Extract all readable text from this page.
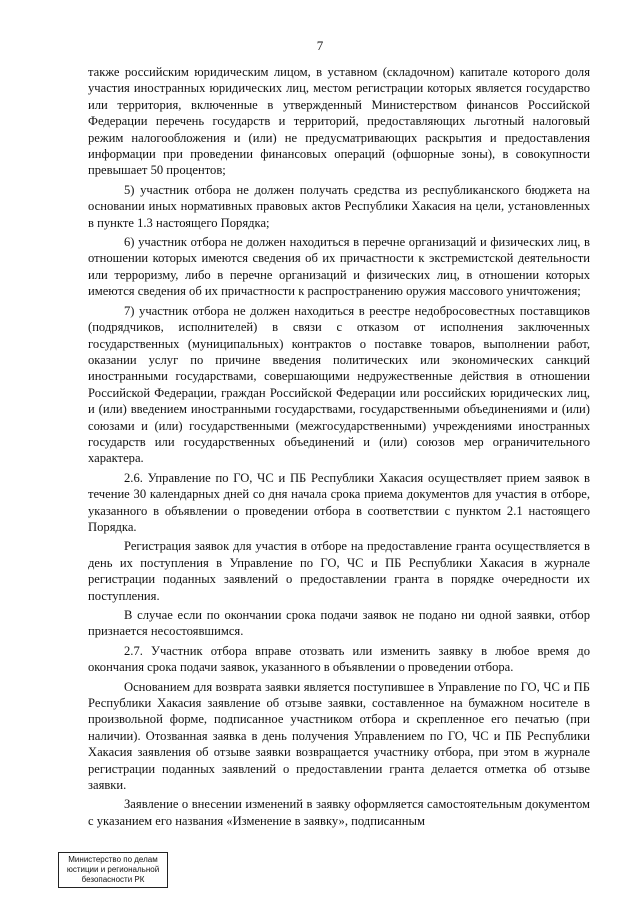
7

также российским юридическим лицом, в уставном (складочном) капитале которого доля участия иностранных юридических лиц, местом регистрации которых является государство или территория, включенные в утвержденный Министерством финансов Российской Федерации перечень государств и территорий, предоставляющих льготный налоговый режим налогообложения и (или) не предусматривающих раскрытия и предоставления информации при проведении финансовых операций (офшорные зоны), в совокупности превышает 50 процентов;

5) участник отбора не должен получать средства из республиканского бюджета на основании иных нормативных правовых актов Республики Хакасия на цели, установленных в пункте 1.3 настоящего Порядка;

6) участник отбора не должен находиться в перечне организаций и физических лиц, в отношении которых имеются сведения об их причастности к экстремистской деятельности или терроризму, либо в перечне организаций и физических лиц, в отношении которых имеются сведения об их причастности к распространению оружия массового уничтожения;

7) участник отбора не должен находиться в реестре недобросовестных поставщиков (подрядчиков, исполнителей) в связи с отказом от исполнения заключенных государственных (муниципальных) контрактов о поставке товаров, выполнении работ, оказании услуг по причине введения политических или экономических санкций иностранными государствами, совершающими недружественные действия в отношении Российской Федерации, граждан Российской Федерации или российских юридических лиц, и (или) введением иностранными государствами, государственными объединениями и (или) союзами и (или) государственными (межгосударственными) учреждениями иностранных государств или государственных объединений и (или) союзов мер ограничительного характера.

2.6. Управление по ГО, ЧС и ПБ Республики Хакасия осуществляет прием заявок в течение 30 календарных дней со дня начала срока приема документов для участия в отборе, указанного в объявлении о проведении отбора в соответствии с пунктом 2.1 настоящего Порядка.

Регистрация заявок для участия в отборе на предоставление гранта осуществляется в день их поступления в Управление по ГО, ЧС и ПБ Республики Хакасия в журнале регистрации поданных заявлений о предоставлении гранта в порядке очередности их поступления.

В случае если по окончании срока подачи заявок не подано ни одной заявки, отбор признается несостоявшимся.

2.7. Участник отбора вправе отозвать или изменить заявку в любое время до окончания срока подачи заявок, указанного в объявлении о проведении отбора.

Основанием для возврата заявки является поступившее в Управление по ГО, ЧС и ПБ Республики Хакасия заявление об отзыве заявки, составленное на бумажном носителе в произвольной форме, подписанное участником отбора и скрепленное его печатью (при наличии). Отозванная заявка в день получения Управлением по ГО, ЧС и ПБ Республики Хакасия заявления об отзыве заявки возвращается участнику отбора, при этом в журнале регистрации поданных заявлений о предоставлении гранта делается отметка об отзыве заявки.

Заявление о внесении изменений в заявку оформляется самостоятельным документом с указанием его названия «Изменение в заявку», подписанным

Министерство по делам
юстиции и региональной
безопасности РК
